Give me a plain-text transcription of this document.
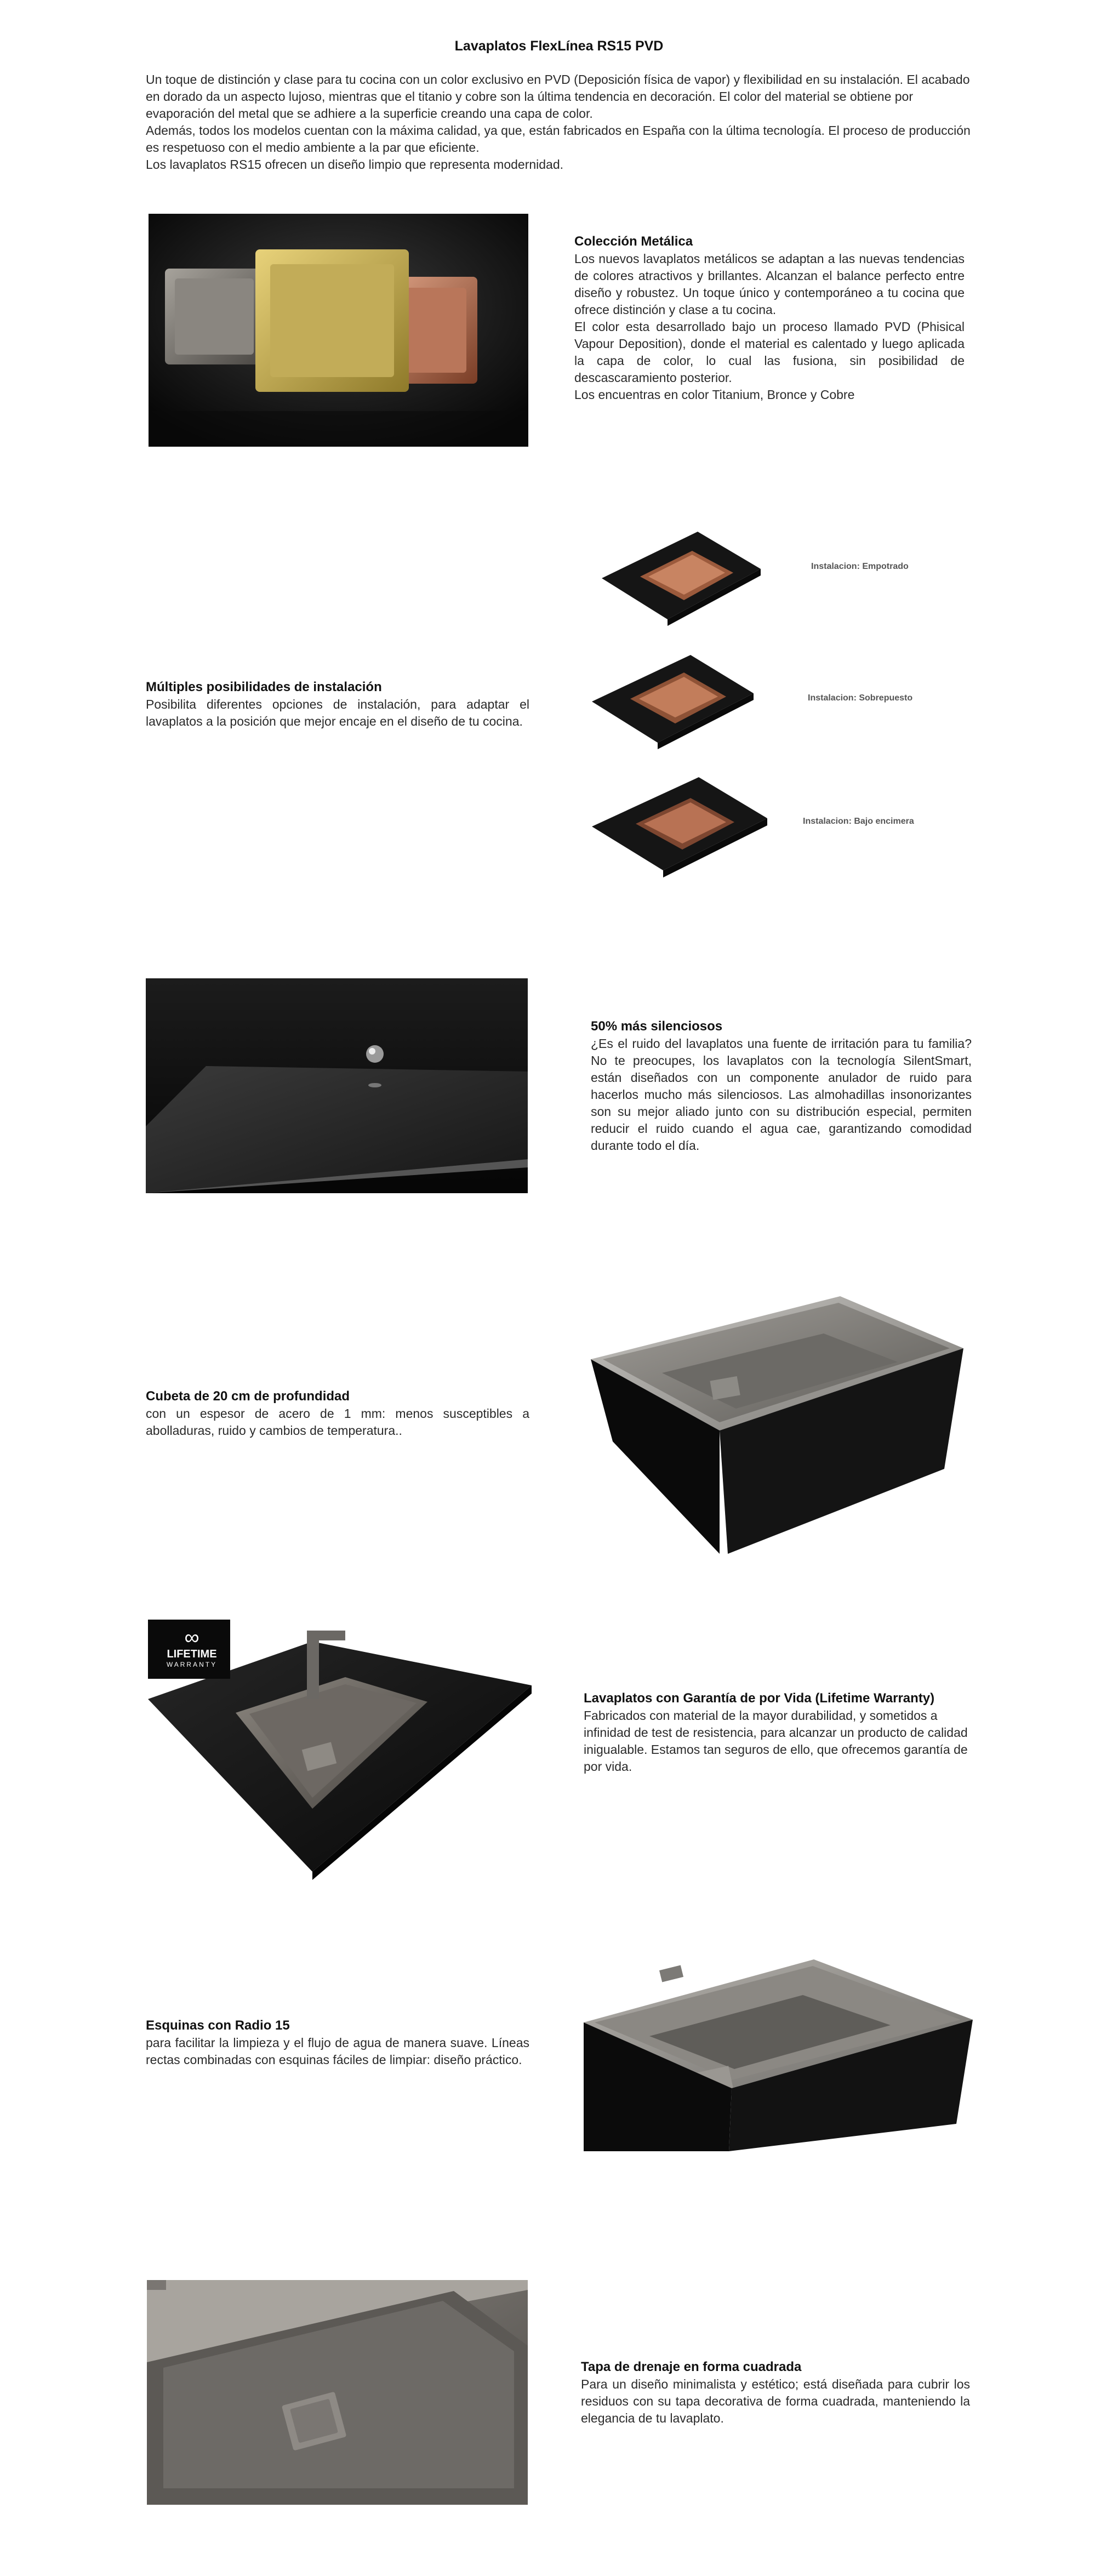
Lavaplatos FlexLínea RS15 PVD

Un toque de distinción y clase para tu cocina con un color exclusivo en PVD (Deposición física de vapor) y flexibilidad en su instalación. El acabado en dorado da un aspecto lujoso, mientras que el titanio y cobre son la última tendencia en decoración. El color del material se obtiene por evaporación del metal que se adhiere a la superficie creando una capa de color.

Además, todos los modelos cuentan con la máxima calidad, ya que, están fabricados en España con la última tecnología. El proceso de producción es respetuoso con el medio ambiente a la par que eficiente.

Los lavaplatos RS15 ofrecen un diseño limpio que representa modernidad.

Colección Metálica

Los nuevos lavaplatos metálicos se adaptan a las nuevas tendencias de colores atractivos y brillantes. Alcanzan el balance perfecto entre diseño y robustez. Un toque único y contemporáneo a tu cocina que ofrece distinción y clase a tu cocina.

El color esta desarrollado bajo un proceso llamado PVD (Phisical Vapour Deposition), donde el material es calentado y luego aplicada la capa de color, lo cual las fusiona, sin posibilidad de descascaramiento posterior.

Los encuentras en color Titanium, Bronce y Cobre

Múltiples posibilidades de instalación

Posibilita diferentes opciones de instalación, para adaptar el lavaplatos a la posición que mejor encaje en el diseño de tu cocina.

Instalacion: Empotrado
Instalacion: Sobrepuesto
Instalacion: Bajo encimera
50% más silenciosos

¿Es el ruido del lavaplatos una fuente de irritación para tu familia? No te preocupes, los lavaplatos con la tecnología SilentSmart, están diseñados con un componente anulador de ruido para hacerlos mucho más silenciosos. Las almohadillas insonorizantes son su mejor aliado junto con su distribución especial, permiten reducir el ruido cuando el agua cae, garantizando comodidad durante todo el día.

Cubeta de 20 cm de profundidad

con un espesor de acero de 1 mm: menos susceptibles a abolladuras, ruido y cambios de temperatura..

∞
LIFETIME
WARRANTY
Lavaplatos con Garantía de por Vida (Lifetime Warranty)

Fabricados con material de la mayor durabilidad, y sometidos a infinidad de test de resistencia, para alcanzar un producto de calidad inigualable. Estamos tan seguros de ello, que ofrecemos garantía de por vida.

Esquinas con Radio 15

para facilitar la limpieza y el flujo de agua de manera suave. Líneas rectas combinadas con esquinas fáciles de limpiar: diseño práctico.

Tapa de drenaje en forma cuadrada

Para un diseño minimalista y estético; está diseñada para cubrir los residuos con su tapa decorativa de forma cuadrada, manteniendo la elegancia de tu lavaplato.
